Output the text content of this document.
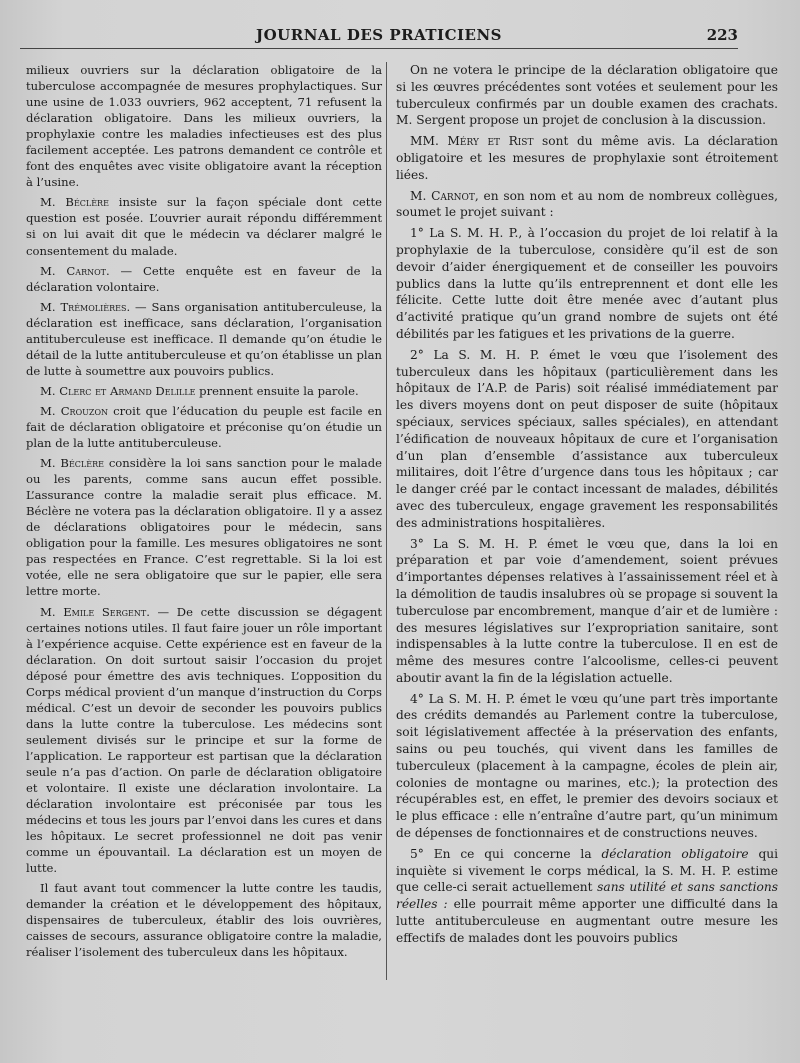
JOURNAL DES PRATICIENS	223

milieux ouvriers sur la déclaration obligatoire de la tuberculose accompagnée de mesures prophylactiques. Sur une usine de 1.033 ouvriers, 962 acceptent, 71 refusent la déclaration obligatoire. Dans les milieux ouvriers, la prophylaxie contre les maladies infectieuses est des plus facilement acceptée. Les patrons demandent ce contrôle et font des enquêtes avec visite obligatoire avant la réception à l’usine.

M. Béclère insiste sur la façon spéciale dont cette question est posée. L’ouvrier aurait répondu différemment si on lui avait dit que le médecin va déclarer malgré le consentement du malade.

M. Carnot. — Cette enquête est en faveur de la déclaration volontaire.

M. Trémolières. — Sans organisation antituberculeuse, la déclaration est inefficace, sans déclaration, l’organisation antituberculeuse est inefficace. Il demande qu’on étudie le détail de la lutte antituberculeuse et qu’on établisse un plan de lutte à soumettre aux pouvoirs publics.

M. Clerc et Armand Delille prennent ensuite la parole.

M. Crouzon croit que l’éducation du peuple est facile en fait de déclaration obligatoire et préconise qu’on étudie un plan de la lutte antituberculeuse.

M. Béclère considère la loi sans sanction pour le malade ou les parents, comme sans aucun effet possible. L’assurance contre la maladie serait plus efficace. M. Béclère ne votera pas la déclaration obligatoire. Il y a assez de déclarations obligatoires pour le médecin, sans obligation pour la famille. Les mesures obligatoires ne sont pas respectées en France. C’est regrettable. Si la loi est votée, elle ne sera obligatoire que sur le papier, elle sera lettre morte.

M. Emile Sergent. — De cette discussion se dégagent certaines notions utiles. Il faut faire jouer un rôle important à l’expérience acquise. Cette expérience est en faveur de la déclaration. On doit surtout saisir l’occasion du projet déposé pour émettre des avis techniques. L’opposition du Corps médical provient d’un manque d’instruction du Corps médical. C’est un devoir de seconder les pouvoirs publics dans la lutte contre la tuberculose. Les médecins sont seulement divisés sur le principe et sur la forme de l’application. Le rapporteur est partisan que la déclaration seule n’a pas d’action. On parle de déclaration obligatoire et volontaire. Il existe une déclaration involontaire. La déclaration involontaire est préconisée par tous les médecins et tous les jours par l’envoi dans les cures et dans les hôpitaux. Le secret professionnel ne doit pas venir comme un épouvantail. La déclaration est un moyen de lutte.

Il faut avant tout commencer la lutte contre les taudis, demander la création et le développement des hôpitaux, dispensaires de tuberculeux, établir des lois ouvrières, caisses de secours, assurance obligatoire contre la maladie, réaliser l’isolement des tuberculeux dans les hôpitaux.

On ne votera le principe de la déclaration obligatoire que si les œuvres précédentes sont votées et seulement pour les tuberculeux confirmés par un double examen des crachats. M. Sergent propose un projet de conclusion à la discussion.

MM. Méry et Rist sont du même avis. La déclaration obligatoire et les mesures de prophylaxie sont étroitement liées.

M. Carnot, en son nom et au nom de nombreux collègues, soumet le projet suivant :

1° La S. M. H. P., à l’occasion du projet de loi relatif à la prophylaxie de la tuberculose, considère qu’il est de son devoir d’aider énergiquement et de conseiller les pouvoirs publics dans la lutte qu’ils entreprennent et dont elle les félicite. Cette lutte doit être menée avec d’autant plus d’activité pratique qu’un grand nombre de sujets ont été débilités par les fatigues et les privations de la guerre.

2° La S. M. H. P. émet le vœu que l’isolement des tuberculeux dans les hôpitaux (particulièrement dans les hôpitaux de l’A.P. de Paris) soit réalisé immédiatement par les divers moyens dont on peut disposer de suite (hôpitaux spéciaux, services spéciaux, salles spéciales), en attendant l’édification de nouveaux hôpitaux de cure et l’organisation d’un plan d’ensemble d’assistance aux tuberculeux militaires, doit l’être d’urgence dans tous les hôpitaux ; car le danger créé par le contact incessant de malades, débilités avec des tuberculeux, engage gravement les responsabilités des administrations hospitalières.

3° La S. M. H. P. émet le vœu que, dans la loi en préparation et par voie d’amendement, soient prévues d’importantes dépenses relatives à l’assainissement réel et à la démolition de taudis insalubres où se propage si souvent la tuberculose par encombrement, manque d’air et de lumière : des mesures législatives sur l’expropriation sanitaire, sont indispensables à la lutte contre la tuberculose. Il en est de même des mesures contre l’alcoolisme, celles-ci peuvent aboutir avant la fin de la législation actuelle.

4° La S. M. H. P. émet le vœu qu’une part très importante des crédits demandés au Parlement contre la tuberculose, soit législativement affectée à la préservation des enfants, sains ou peu touchés, qui vivent dans les familles de tuberculeux (placement à la campagne, écoles de plein air, colonies de montagne ou marines, etc.); la protection des récupérables est, en effet, le premier des devoirs sociaux et le plus efficace : elle n’entraîne d’autre part, qu’un minimum de dépenses de fonctionnaires et de constructions neuves.

5° En ce qui concerne la déclaration obligatoire qui inquiète si vivement le corps médical, la S. M. H. P. estime que celle-ci serait actuellement sans utilité et sans sanctions réelles : elle pourrait même apporter une difficulté dans la lutte antituberculeuse en augmentant outre mesure les effectifs de malades dont les pouvoirs publics
